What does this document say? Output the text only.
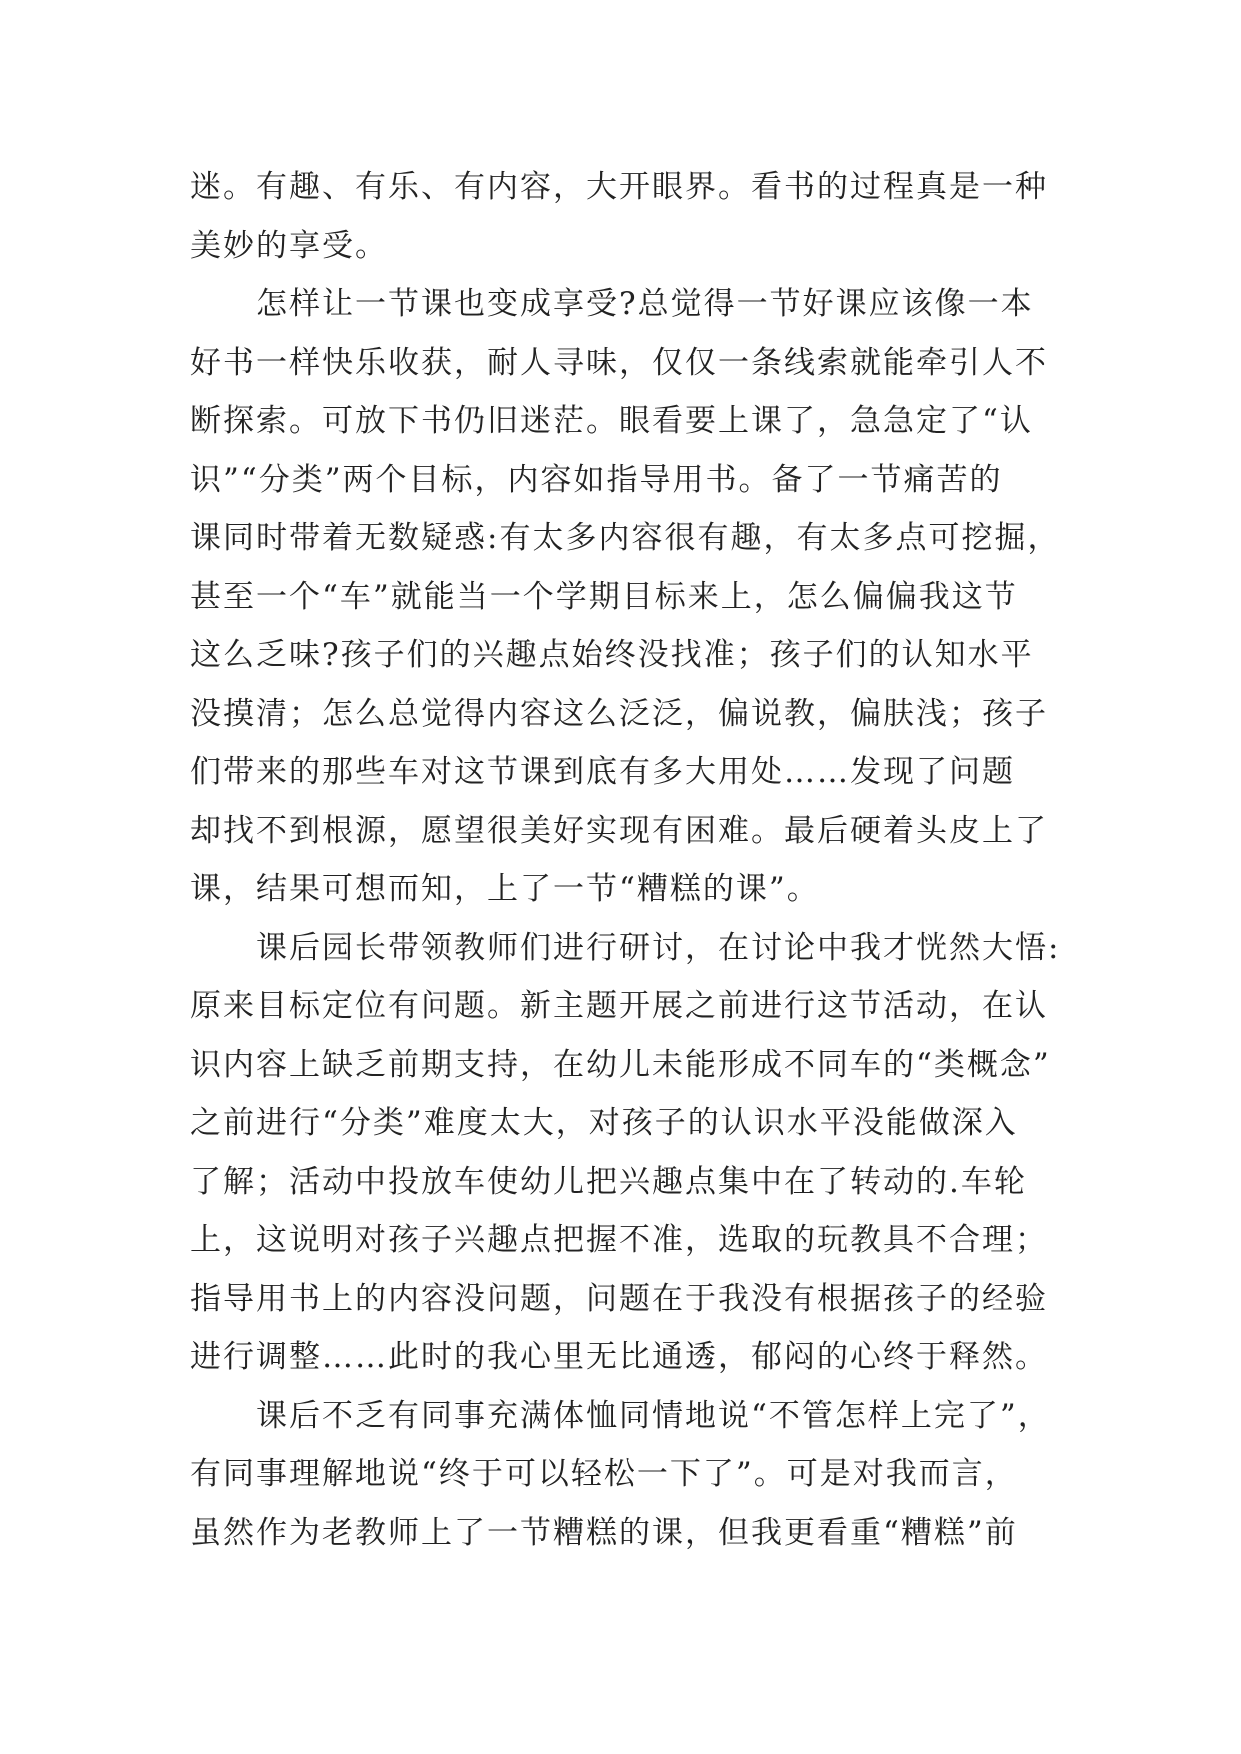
迷。有趣、有乐、有内容，大开眼界。看书的过程真是一种
美妙的享受。
　　怎样让一节课也变成享受?总觉得一节好课应该像一本
好书一样快乐收获，耐人寻味，仅仅一条线索就能牵引人不
断探索。可放下书仍旧迷茫。眼看要上课了，急急定了“认
识”“分类”两个目标，内容如指导用书。备了一节痛苦的
课同时带着无数疑惑:有太多内容很有趣，有太多点可挖掘，
甚至一个“车”就能当一个学期目标来上，怎么偏偏我这节
这么乏味?孩子们的兴趣点始终没找准；孩子们的认知水平
没摸清；怎么总觉得内容这么泛泛，偏说教，偏肤浅；孩子
们带来的那些车对这节课到底有多大用处……发现了问题
却找不到根源，愿望很美好实现有困难。最后硬着头皮上了
课，结果可想而知，上了一节“糟糕的课”。
　　课后园长带领教师们进行研讨，在讨论中我才恍然大悟:
原来目标定位有问题。新主题开展之前进行这节活动，在认
识内容上缺乏前期支持，在幼儿未能形成不同车的“类概念”
之前进行“分类”难度太大，对孩子的认识水平没能做深入
了解；活动中投放车使幼儿把兴趣点集中在了转动的.车轮
上，这说明对孩子兴趣点把握不准，选取的玩教具不合理；
指导用书上的内容没问题，问题在于我没有根据孩子的经验
进行调整……此时的我心里无比通透，郁闷的心终于释然。
　　课后不乏有同事充满体恤同情地说“不管怎样上完了”，
有同事理解地说“终于可以轻松一下了”。可是对我而言，
虽然作为老教师上了一节糟糕的课，但我更看重“糟糕”前
